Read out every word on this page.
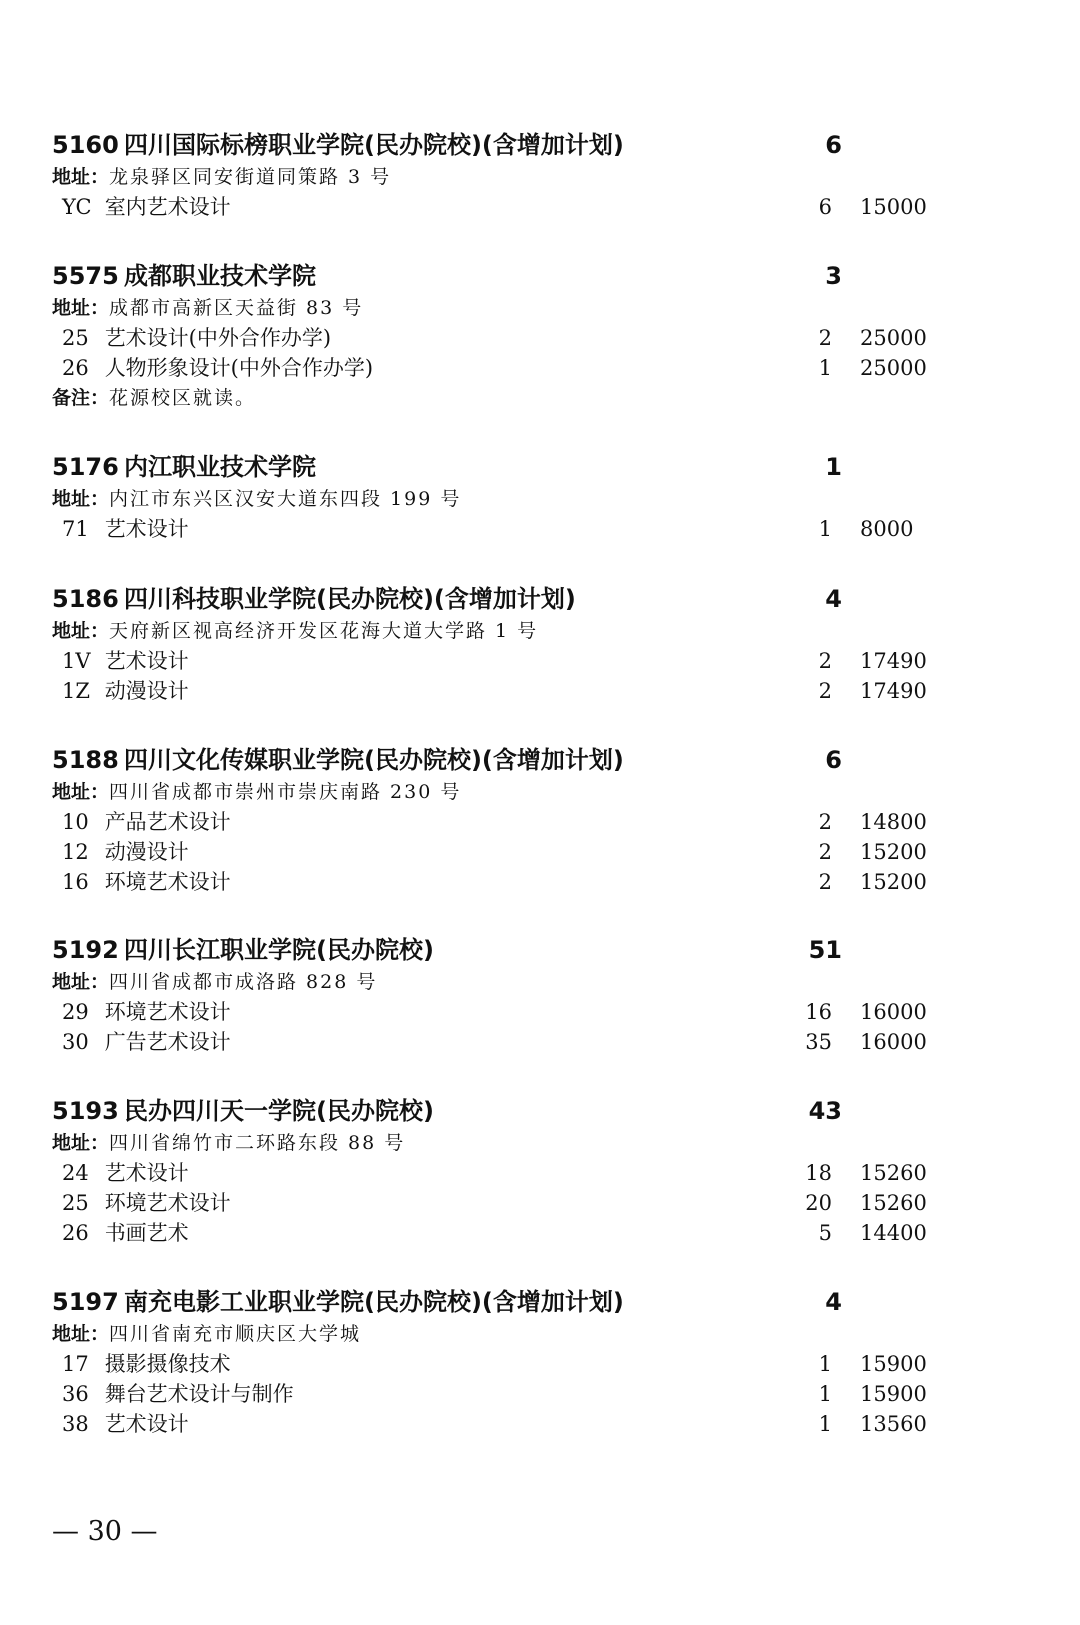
5160 四川国际标榜职业学院(民办院校)(含增加计划)	6
地址：龙泉驿区同安街道同策路 3 号
YC 室内艺术设计	6 15000
5575 成都职业技术学院	3
地址：成都市高新区天益街 83 号
25 艺术设计(中外合作办学)	2 25000
26 人物形象设计(中外合作办学)	1 25000
备注：花源校区就读。
5176 内江职业技术学院	1
地址：内江市东兴区汉安大道东四段 199 号
71 艺术设计	1 8000
5186 四川科技职业学院(民办院校)(含增加计划)	4
地址：天府新区视高经济开发区花海大道大学路 1 号
1V 艺术设计	2 17490
1Z 动漫设计	2 17490
5188 四川文化传媒职业学院(民办院校)(含增加计划)	6
地址：四川省成都市崇州市崇庆南路 230 号
10 产品艺术设计	2 14800
12 动漫设计	2 15200
16 环境艺术设计	2 15200
5192 四川长江职业学院(民办院校)	51
地址：四川省成都市成洛路 828 号
29 环境艺术设计	16 16000
30 广告艺术设计	35 16000
5193 民办四川天一学院(民办院校)	43
地址：四川省绵竹市二环路东段 88 号
24 艺术设计	18 15260
25 环境艺术设计	20 15260
26 书画艺术	5 14400
5197 南充电影工业职业学院(民办院校)(含增加计划)	4
地址：四川省南充市顺庆区大学城
17 摄影摄像技术	1 15900
36 舞台艺术设计与制作	1 15900
38 艺术设计	1 13560
— 30 —
